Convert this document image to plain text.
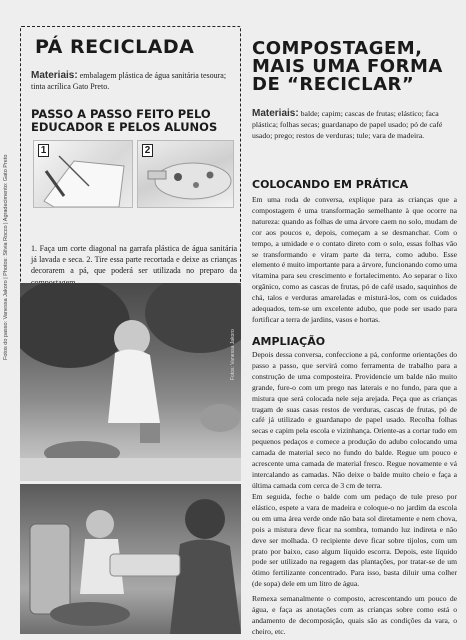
Fotos do passo: Vanessa Jakoro | Photos: Silvia Rocco | Agradecimento: Gato Preto
PÁ RECICLADA
Materiais: embalagem plástica de água sanitária tesoura; tinta acrílica Gato Preto.
PASSO A PASSO FEITO PELO EDUCADOR E PELOS ALUNOS
1	2
1. Faça um corte diagonal na garrafa plástica de água sanitária já lavada e seca. 2. Tire essa parte recortada e deixe as crianças decorarem a pá, que poderá ser utilizada no preparo da
Fotos: Vanessa Jakoro
COMPOSTAGEM, MAIS UMA FORMA DE “RECICLAR”
Materiais: balde; capim; cascas de frutas; elástico; faca plástica; folhas secas; guardanapo de papel usado; pó de café usado; prego; restos de verduras; tule; vara de madeira.
COLOCANDO EM PRÁTICA
Em uma roda de conversa, explique para as crianças que a compostagem é uma transformação semelhante à que ocorre na natureza: quando as folhas de uma árvore caem no solo, mudam de cor aos poucos e, depois, começam a se desmanchar. Com o tempo, a umidade e o contato direto com o solo, essas folhas vão se transformando e viram parte da terra, como adubo. Esse elemento é muito importante para a árvore, funcionando como uma vitamina para seu crescimento e fortalecimento. Ao separar o lixo orgânico, como as cascas de frutas, pó de café usado, saquinhos de chá, talos e verduras amareladas e misturá-los, com os cuidados adequados, tem-se um excelente adubo, que pode ser usado para fortificar a terra de jardins, vasos e hortas.
AMPLIAÇÃO
Depois dessa conversa, confeccione a pá, conforme orientações do passo a passo, que servirá como ferramenta de trabalho para a construção de uma composteira. Providencie um balde não muito grande, fure-o com um prego nas laterais e no fundo, para que a mistura que será colocada nele seja arejada. Peça que as crianças tragam de suas casas restos de verduras, cascas de frutas, pó de café já utilizado e guardanapo de papel usado. Recolha folhas secas e capim pela escola e vizinhança. Oriente-as a cortar tudo em pequenos pedaços e comece a produção do adubo colocando uma camada de material seco no fundo do balde. Regue um pouco e acrescente uma camada de material fresco. Regue novamente e vá intercalando as camadas. Não deixe o balde muito cheio e faça a última camada com cerca de 3 cm de terra.
Em seguida, feche o balde com um pedaço de tule preso por elástico, espete a vara de madeira e coloque-o no jardim da escola ou em uma área verde onde não bata sol diretamente e nem chova, pois a mistura deve ficar na sombra, tomando luz indireta e não deve ser molhada. O recipiente deve ficar sobre tijolos, com um prato por baixo, caso algum líquido escorra. Depois, este líquido pode ser utilizado na regagem das plantações, por tratar-se de um ótimo fertilizante concentrado. Para isso, basta diluir uma colher (de sopa) dele em um litro de água.
Remexa semanalmente o composto, acrescentando um pouco de água, e faça as anotações com as crianças sobre como está o andamento de decomposição, quais são as condições da vara, o cheiro, etc.
